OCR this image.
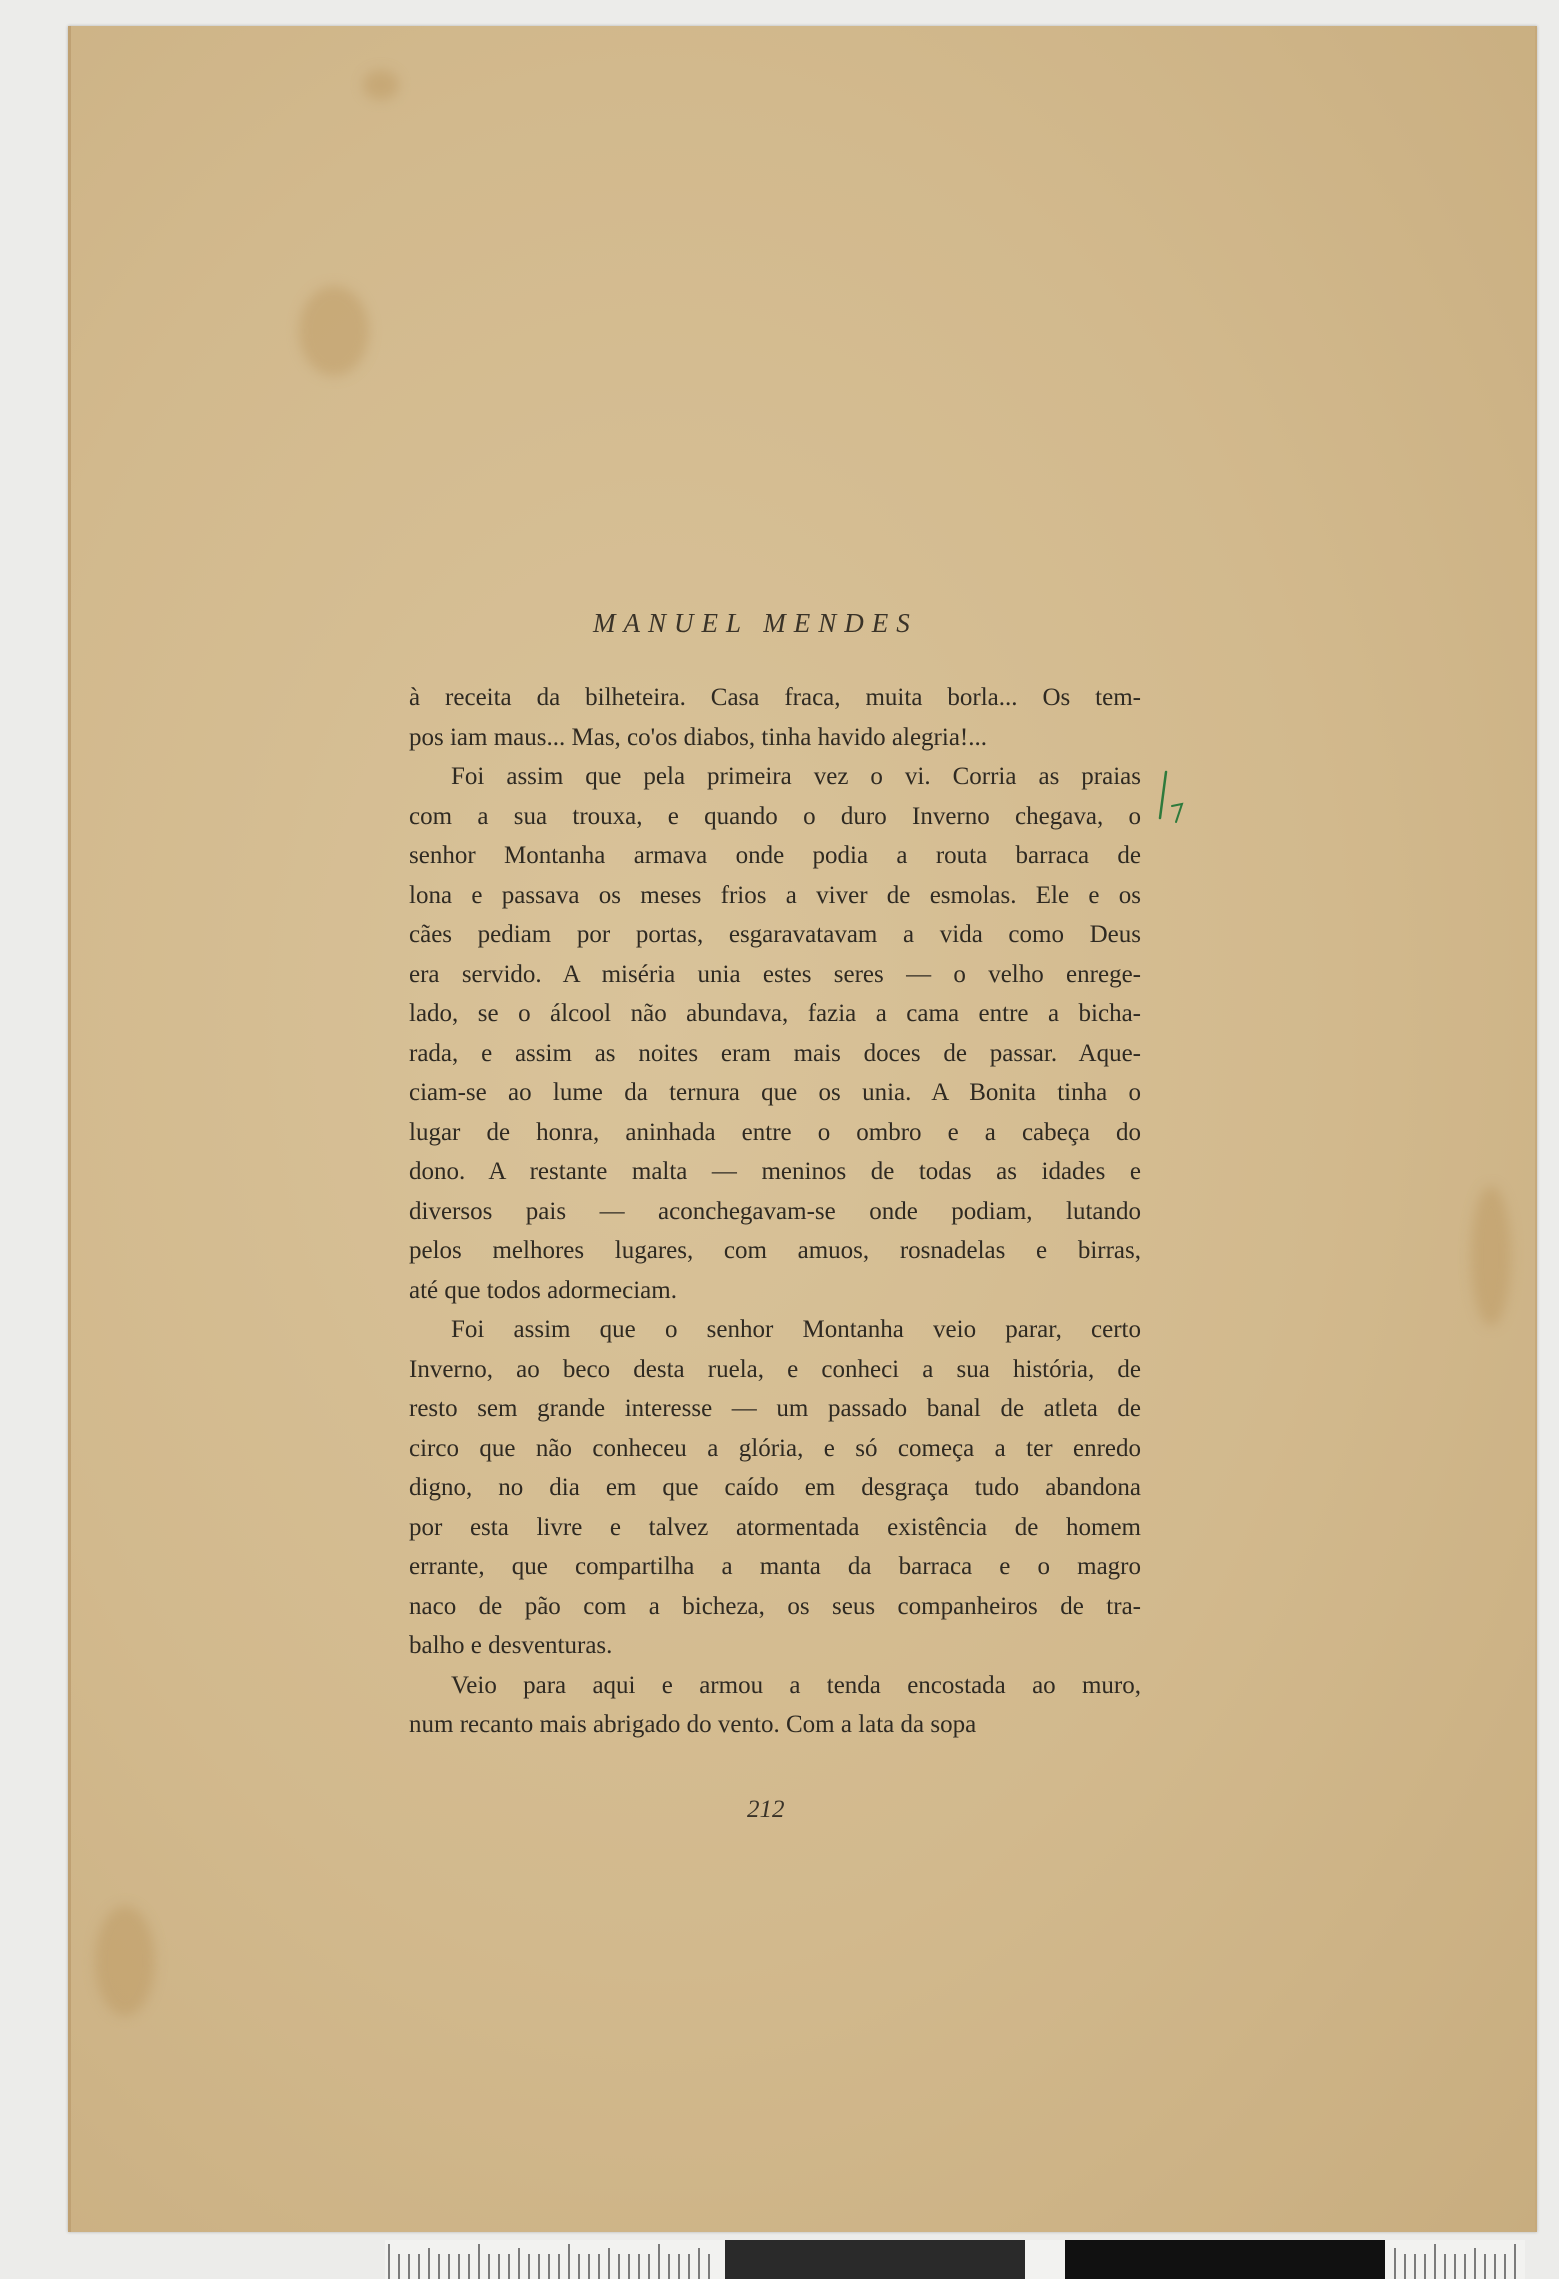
MANUEL MENDES

à receita da bilheteira. Casa fraca, muita borla... Os tem-
pos iam maus... Mas, co'os diabos, tinha havido alegria!...

Foi assim que pela primeira vez o vi. Corria as praias
com a sua trouxa, e quando o duro Inverno chegava, o
senhor Montanha armava onde podia a routa barraca de
lona e passava os meses frios a viver de esmolas. Ele e os
cães pediam por portas, esgaravatavam a vida como Deus
era servido. A miséria unia estes seres — o velho enrege-
lado, se o álcool não abundava, fazia a cama entre a bicha-
rada, e assim as noites eram mais doces de passar. Aque-
ciam-se ao lume da ternura que os unia. A Bonita tinha o
lugar de honra, aninhada entre o ombro e a cabeça do
dono. A restante malta — meninos de todas as idades e
diversos pais — aconchegavam-se onde podiam, lutando
pelos melhores lugares, com amuos, rosnadelas e birras,
até que todos adormeciam.

Foi assim que o senhor Montanha veio parar, certo
Inverno, ao beco desta ruela, e conheci a sua história, de
resto sem grande interesse — um passado banal de atleta de
circo que não conheceu a glória, e só começa a ter enredo
digno, no dia em que caído em desgraça tudo abandona
por esta livre e talvez atormentada existência de homem
errante, que compartilha a manta da barraca e o magro
naco de pão com a bicheza, os seus companheiros de tra-
balho e desventuras.

Veio para aqui e armou a tenda encostada ao muro,
num recanto mais abrigado do vento. Com a lata da sopa

212
